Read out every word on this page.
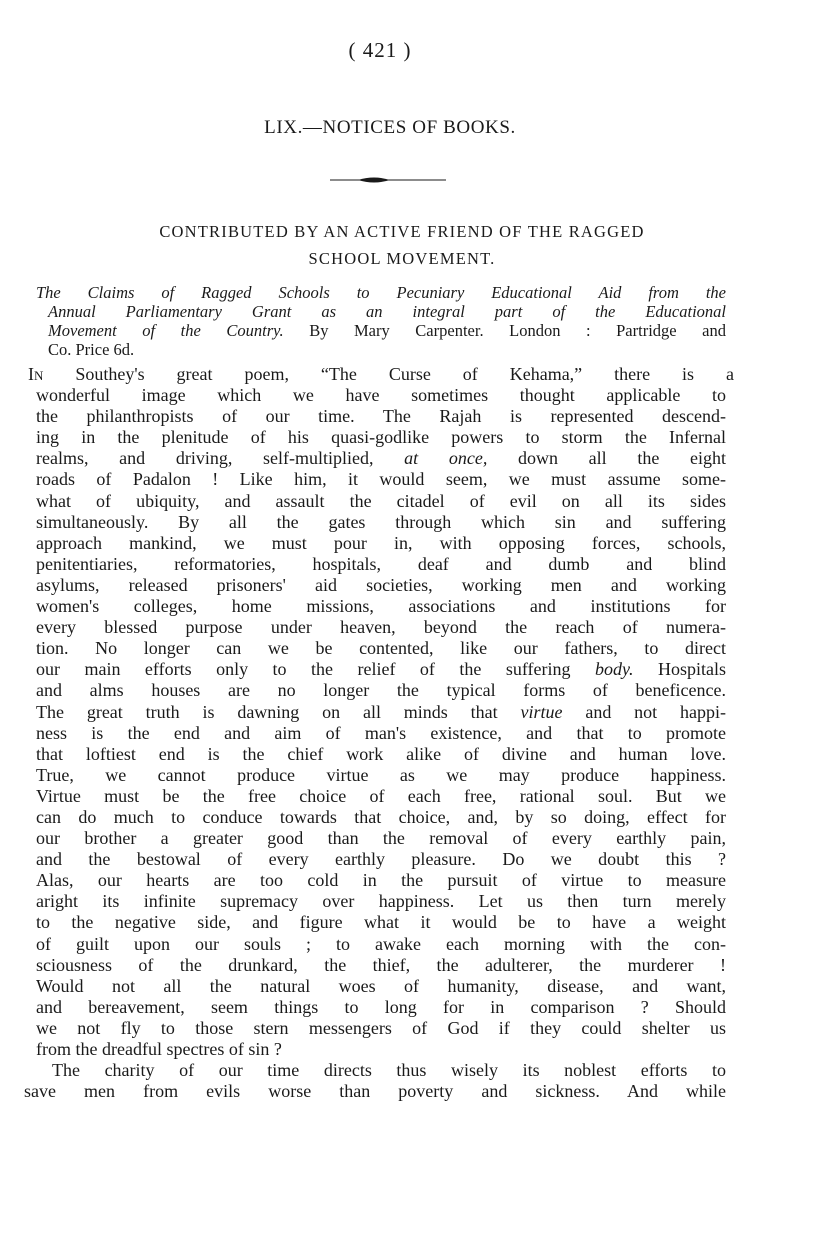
( 421 )
LIX.—NOTICES OF BOOKS.
CONTRIBUTED BY AN ACTIVE FRIEND OF THE RAGGED
SCHOOL MOVEMENT.
The Claims of Ragged Schools to Pecuniary Educational Aid from the
Annual Parliamentary Grant as an integral part of the Educational
Movement of the Country. By Mary Carpenter. London : Partridge and
Co. Price 6d.
In Southey's great poem, “The Curse of Kehama,” there is a
wonderful image which we have sometimes thought applicable to
the philanthropists of our time. The Rajah is represented descend-
ing in the plenitude of his quasi-godlike powers to storm the Infernal
realms, and driving, self-multiplied, at once, down all the eight
roads of Padalon ! Like him, it would seem, we must assume some-
what of ubiquity, and assault the citadel of evil on all its sides
simultaneously. By all the gates through which sin and suffering
approach mankind, we must pour in, with opposing forces, schools,
penitentiaries, reformatories, hospitals, deaf and dumb and blind
asylums, released prisoners' aid societies, working men and working
women's colleges, home missions, associations and institutions for
every blessed purpose under heaven, beyond the reach of numera-
tion. No longer can we be contented, like our fathers, to direct
our main efforts only to the relief of the suffering body. Hospitals
and alms houses are no longer the typical forms of beneficence.
The great truth is dawning on all minds that virtue and not happi-
ness is the end and aim of man's existence, and that to promote
that loftiest end is the chief work alike of divine and human love.
True, we cannot produce virtue as we may produce happiness.
Virtue must be the free choice of each free, rational soul. But we
can do much to conduce towards that choice, and, by so doing, effect for
our brother a greater good than the removal of every earthly pain,
and the bestowal of every earthly pleasure. Do we doubt this ?
Alas, our hearts are too cold in the pursuit of virtue to measure
aright its infinite supremacy over happiness. Let us then turn merely
to the negative side, and figure what it would be to have a weight
of guilt upon our souls ; to awake each morning with the con-
sciousness of the drunkard, the thief, the adulterer, the murderer !
Would not all the natural woes of humanity, disease, and want,
and bereavement, seem things to long for in comparison ? Should
we not fly to those stern messengers of God if they could shelter us
from the dreadful spectres of sin ?
The charity of our time directs thus wisely its noblest efforts to
save men from evils worse than poverty and sickness. And while
